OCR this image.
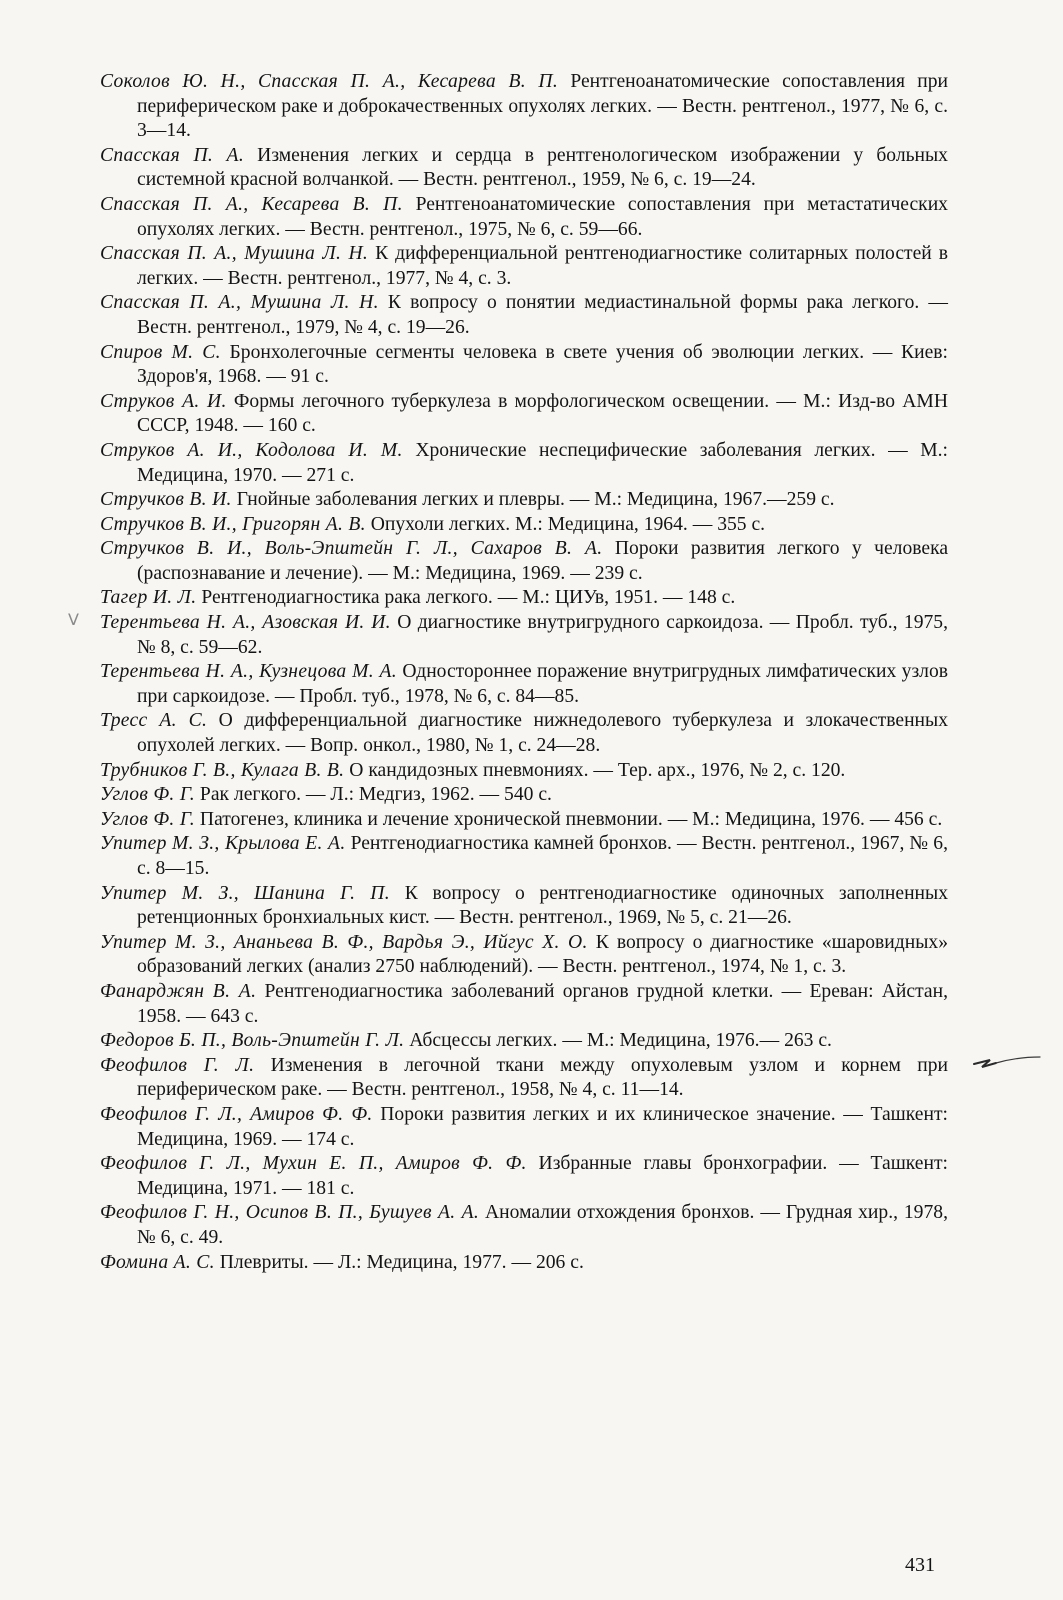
Соколов Ю. Н., Спасская П. А., Кесарева В. П. Рентгеноанатомические сопоставления при периферическом раке и доброкачественных опухолях легких. — Вестн. рентгенол., 1977, № 6, с. 3—14.

Спасская П. А. Изменения легких и сердца в рентгенологическом изображении у больных системной красной волчанкой. — Вестн. рентгенол., 1959, № 6, с. 19—24.

Спасская П. А., Кесарева В. П. Рентгеноанатомические сопоставления при метастатических опухолях легких. — Вестн. рентгенол., 1975, № 6, с. 59—66.

Спасская П. А., Мушина Л. Н. К дифференциальной рентгенодиагностике солитарных полостей в легких. — Вестн. рентгенол., 1977, № 4, с. 3.

Спасская П. А., Мушина Л. Н. К вопросу о понятии медиастинальной формы рака легкого. — Вестн. рентгенол., 1979, № 4, с. 19—26.

Спиров М. С. Бронхолегочные сегменты человека в свете учения об эволюции легких. — Киев: Здоров'я, 1968. — 91 с.

Струков А. И. Формы легочного туберкулеза в морфологическом освещении. — М.: Изд-во АМН СССР, 1948. — 160 с.

Струков А. И., Кодолова И. М. Хронические неспецифические заболевания легких. — М.: Медицина, 1970. — 271 с.

Стручков В. И. Гнойные заболевания легких и плевры. — М.: Медицина, 1967.—259 с.

Стручков В. И., Григорян А. В. Опухоли легких. М.: Медицина, 1964. — 355 с.

Стручков В. И., Воль-Эпштейн Г. Л., Сахаров В. А. Пороки развития легкого у человека (распознавание и лечение). — М.: Медицина, 1969. — 239 с.

Тагер И. Л. Рентгенодиагностика рака легкого. — М.: ЦИУв, 1951. — 148 с.

Терентьева Н. А., Азовская И. И. О диагностике внутригрудного саркоидоза. — Пробл. туб., 1975, № 8, с. 59—62.

Терентьева Н. А., Кузнецова М. А. Одностороннее поражение внутригрудных лимфатических узлов при саркоидозе. — Пробл. туб., 1978, № 6, с. 84—85.

Тресс А. С. О дифференциальной диагностике нижнедолевого туберкулеза и злокачественных опухолей легких. — Вопр. онкол., 1980, № 1, с. 24—28.

Трубников Г. В., Кулага В. В. О кандидозных пневмониях. — Тер. арх., 1976, № 2, с. 120.

Углов Ф. Г. Рак легкого. — Л.: Медгиз, 1962. — 540 с.

Углов Ф. Г. Патогенез, клиника и лечение хронической пневмонии. — М.: Медицина, 1976. — 456 с.

Упитер М. З., Крылова Е. А. Рентгенодиагностика камней бронхов. — Вестн. рентгенол., 1967, № 6, с. 8—15.

Упитер М. З., Шанина Г. П. К вопросу о рентгенодиагностике одиночных заполненных ретенционных бронхиальных кист. — Вестн. рентгенол., 1969, № 5, с. 21—26.

Упитер М. З., Ананьева В. Ф., Вардья Э., Ийгус Х. О. К вопросу о диагностике «шаровидных» образований легких (анализ 2750 наблюдений). — Вестн. рентгенол., 1974, № 1, с. 3.

Фанарджян В. А. Рентгенодиагностика заболеваний органов грудной клетки. — Ереван: Айстан, 1958. — 643 с.

Федоров Б. П., Воль-Эпштейн Г. Л. Абсцессы легких. — М.: Медицина, 1976.— 263 с.

Феофилов Г. Л. Изменения в легочной ткани между опухолевым узлом и корнем при периферическом раке. — Вестн. рентгенол., 1958, № 4, с. 11—14.

Феофилов Г. Л., Амиров Ф. Ф. Пороки развития легких и их клиническое значение. — Ташкент: Медицина, 1969. — 174 с.

Феофилов Г. Л., Мухин Е. П., Амиров Ф. Ф. Избранные главы бронхографии. — Ташкент: Медицина, 1971. — 181 с.

Феофилов Г. Н., Осипов В. П., Бушуев А. А. Аномалии отхождения бронхов. — Грудная хир., 1978, № 6, с. 49.

Фомина А. С. Плевриты. — Л.: Медицина, 1977. — 206 с.

V
431
